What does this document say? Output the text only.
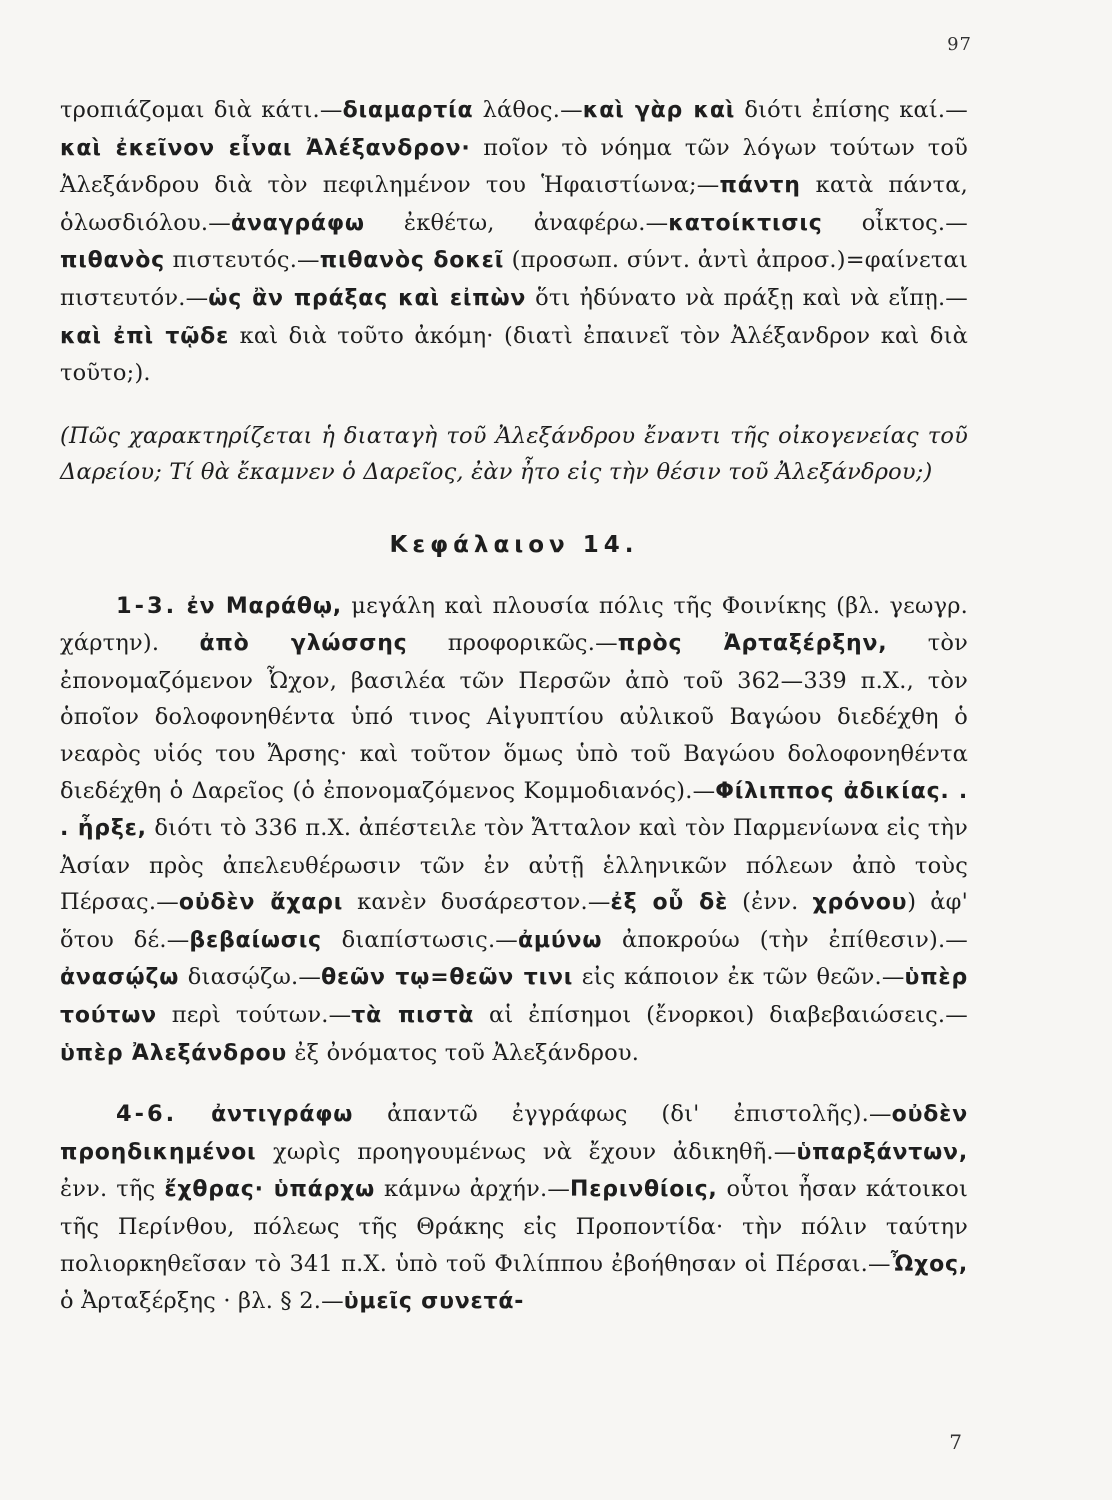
97

τροπιάζομαι διὰ κάτι.—διαμαρτία λάθος.—καὶ γὰρ καὶ διότι ἐπίσης καί.—καὶ ἐκεῖνον εἶναι Ἀλέξανδρον· ποῖον τὸ νόημα τῶν λόγων τούτων τοῦ Ἀλεξάνδρου διὰ τὸν πεφιλημένον του Ἡφαιστίωνα;—πάντη κατὰ πάντα, ὁλωσδιόλου.—ἀναγράφω ἐκθέτω, ἀναφέρω.—κατοίκτισις οἶκτος.—πιθανὸς πιστευτός.—πιθανὸς δοκεῖ (προσωπ. σύντ. ἀντὶ ἀπροσ.)=φαίνεται πιστευτόν.—ὡς ἂν πράξας καὶ εἰπὼν ὅτι ἠδύνατο νὰ πράξῃ καὶ νὰ εἴπῃ.—καὶ ἐπὶ τῷδε καὶ διὰ τοῦτο ἀκόμη· (διατὶ ἐπαινεῖ τὸν Ἀλέξανδρον καὶ διὰ τοῦτο;).

(Πῶς χαρακτηρίζεται ἡ διαταγὴ τοῦ Ἀλεξάνδρου ἔναντι τῆς οἰκογενείας τοῦ Δαρείου; Τί θὰ ἔκαμνεν ὁ Δαρεῖος, ἐὰν ἦτο εἰς τὴν θέσιν τοῦ Ἀλεξάνδρου;)

Κεφάλαιον 14.

1-3. ἐν Μαράθῳ, μεγάλη καὶ πλουσία πόλις τῆς Φοινίκης (βλ. γεωγρ. χάρτην). ἀπὸ γλώσσης προφορικῶς.—πρὸς Ἀρταξέρξην, τὸν ἐπονομαζόμενον Ὦχον, βασιλέα τῶν Περσῶν ἀπὸ τοῦ 362—339 π.Χ., τὸν ὁποῖον δολοφονηθέντα ὑπό τινος Αἰγυπτίου αὐλικοῦ Βαγώου διεδέχθη ὁ νεαρὸς υἱός του Ἄρσης· καὶ τοῦτον ὅμως ὑπὸ τοῦ Βαγώου δολοφονηθέντα διεδέχθη ὁ Δαρεῖος (ὁ ἐπονομαζόμενος Κομμοδιανός).—Φίλιππος ἀδικίας. . . ἦρξε, διότι τὸ 336 π.Χ. ἀπέστειλε τὸν Ἄτταλον καὶ τὸν Παρμενίωνα εἰς τὴν Ἀσίαν πρὸς ἀπελευθέρωσιν τῶν ἐν αὐτῇ ἑλληνικῶν πόλεων ἀπὸ τοὺς Πέρσας.—οὐδὲν ἄχαρι κανὲν δυσάρεστον.—ἐξ οὗ δὲ (ἐνν. χρόνου) ἀφ' ὅτου δέ.—βεβαίωσις διαπίστωσις.—ἀμύνω ἀποκρούω (τὴν ἐπίθεσιν).—ἀνασῴζω διασῴζω.—θεῶν τῳ=θεῶν τινι εἰς κάποιον ἐκ τῶν θεῶν.—ὑπὲρ τούτων περὶ τούτων.—τὰ πιστὰ αἱ ἐπίσημοι (ἔνορκοι) διαβεβαιώσεις.—ὑπὲρ Ἀλεξάνδρου ἐξ ὀνόματος τοῦ Ἀλεξάνδρου.

4-6. ἀντιγράφω ἀπαντῶ ἐγγράφως (δι' ἐπιστολῆς).—οὐδὲν προηδικημένοι χωρὶς προηγουμένως νὰ ἔχουν ἀδικηθῆ.—ὑπαρξάντων, ἐνν. τῆς ἔχθρας· ὑπάρχω κάμνω ἀρχήν.—Περινθίοις, οὗτοι ἦσαν κάτοικοι τῆς Περίνθου, πόλεως τῆς Θράκης εἰς Προποντίδα· τὴν πόλιν ταύτην πολιορκηθεῖσαν τὸ 341 π.Χ. ὑπὸ τοῦ Φιλίππου ἐβοήθησαν οἱ Πέρσαι.—Ὦχος, ὁ Ἀρταξέρξης · βλ. § 2.—ὑμεῖς συνετά-

7
